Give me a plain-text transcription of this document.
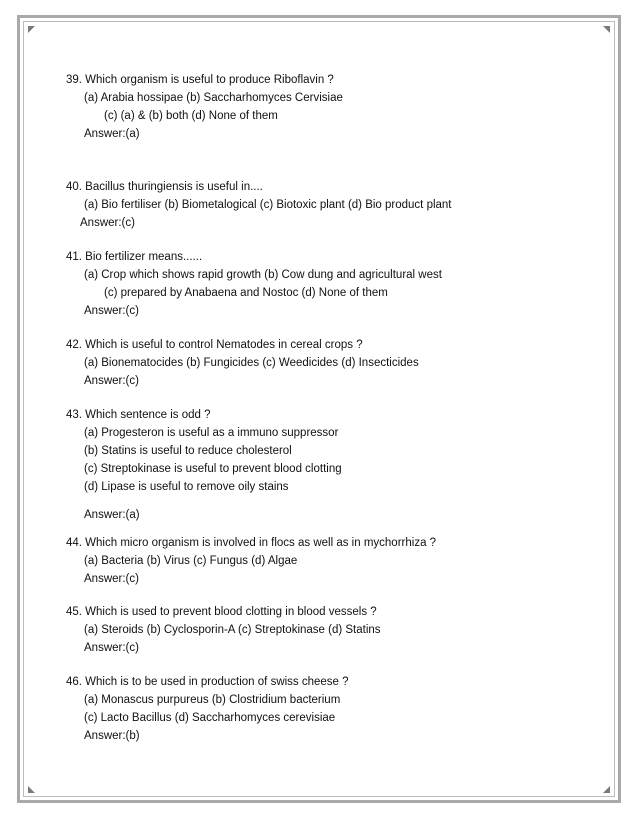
39. Which organism is useful to produce Riboflavin ?
(a) Arabia hossipae (b) Saccharhomyces Cervisiae
(c) (a) & (b) both (d) None of them
Answer:(a)
40. Bacillus thuringiensis is useful in....
(a) Bio fertiliser (b) Biometalogical (c) Biotoxic plant (d) Bio product plant
Answer:(c)
41. Bio fertilizer means......
(a) Crop which shows rapid growth (b) Cow dung and agricultural west
(c) prepared by Anabaena and Nostoc (d) None of them
Answer:(c)
42. Which is useful to control Nematodes in cereal crops ?
(a) Bionematocides (b) Fungicides (c) Weedicides (d) Insecticides
Answer:(c)
43. Which sentence is odd ?
(a) Progesteron is useful as a immuno suppressor
(b) Statins is useful to reduce cholesterol
(c) Streptokinase is useful to prevent blood clotting
(d) Lipase is useful to remove oily stains
Answer:(a)
44. Which micro organism is involved in flocs as well as in mychorrhiza ?
(a) Bacteria (b) Virus (c) Fungus (d) Algae
Answer:(c)
45. Which is used to prevent blood clotting in blood vessels ?
(a) Steroids (b) Cyclosporin-A (c) Streptokinase (d) Statins
Answer:(c)
46. Which is to be used in production of swiss cheese ?
(a) Monascus purpureus (b) Clostridium bacterium
(c) Lacto Bacillus (d) Saccharhomyces cerevisiae
Answer:(b)
